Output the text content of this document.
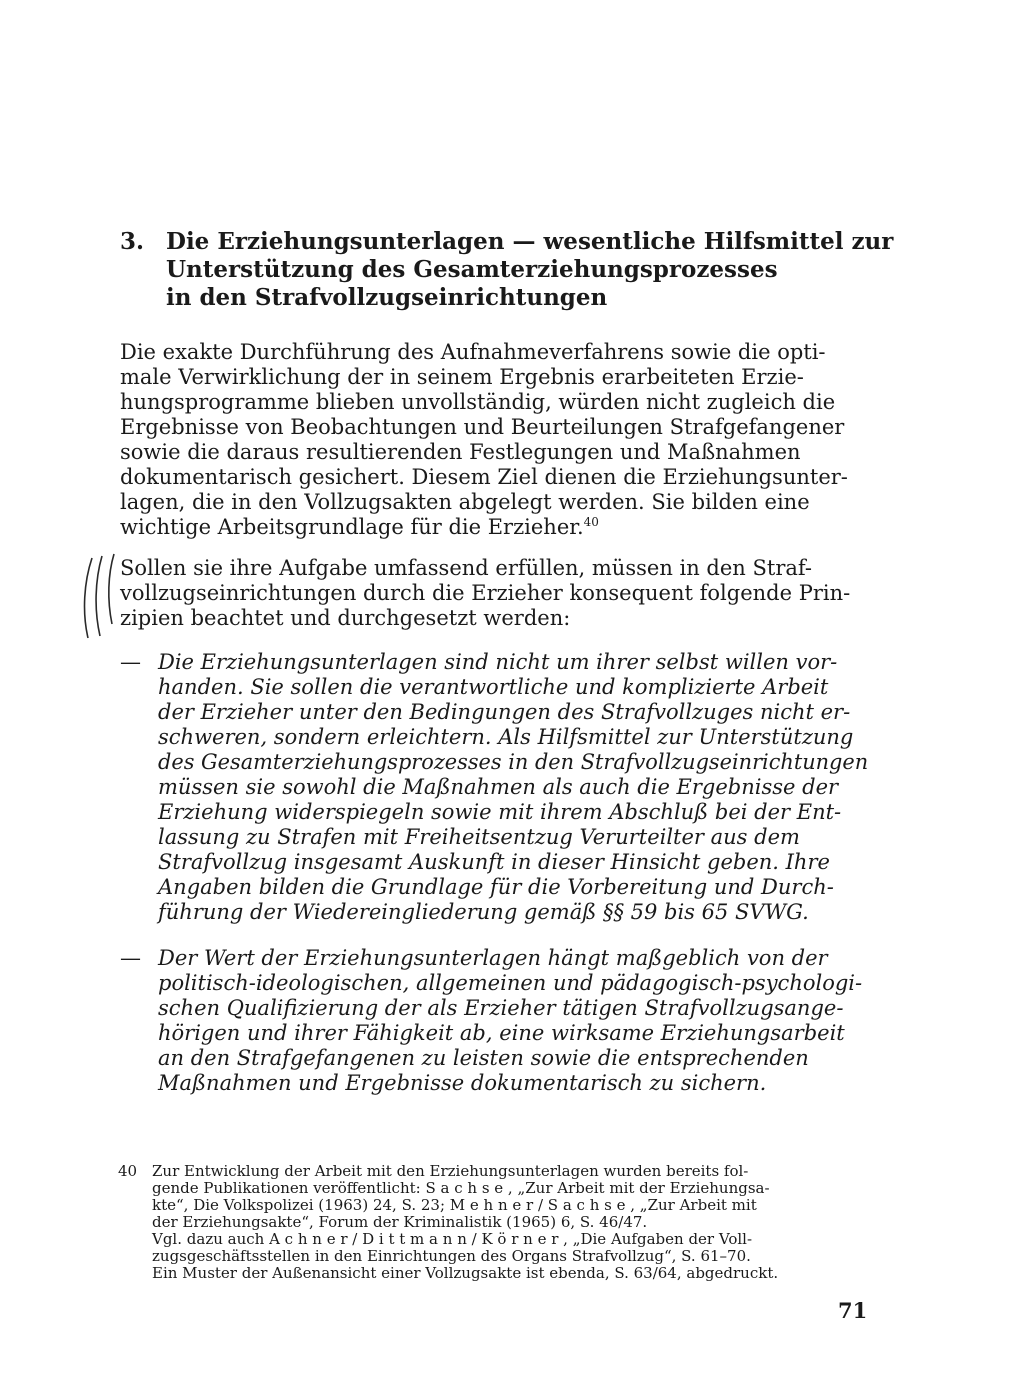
3. Die Erziehungsunterlagen — wesentliche Hilfsmittel zur
Unterstützung des Gesamterziehungsprozesses
in den Strafvollzugseinrichtungen
Die exakte Durchführung des Aufnahmeverfahrens sowie die opti-
male Verwirklichung der in seinem Ergebnis erarbeiteten Erzie-
hungsprogramme blieben unvollständig, würden nicht zugleich die
Ergebnisse von Beobachtungen und Beurteilungen Strafgefangener
sowie die daraus resultierenden Festlegungen und Maßnahmen
dokumentarisch gesichert. Diesem Ziel dienen die Erziehungsunter-
lagen, die in den Vollzugsakten abgelegt werden. Sie bilden eine
wichtige Arbeitsgrundlage für die Erzieher.$^{40}$
Sollen sie ihre Aufgabe umfassend erfüllen, müssen in den Straf-
vollzugseinrichtungen durch die Erzieher konsequent folgende Prin-
zipien beachtet und durchgesetzt werden:
— Die Erziehungsunterlagen sind nicht um ihrer selbst willen vor-
handen. Sie sollen die verantwortliche und komplizierte Arbeit
der Erzieher unter den Bedingungen des Strafvollzuges nicht er-
schweren, sondern erleichtern. Als Hilfsmittel zur Unterstützung
des Gesamterziehungsprozesses in den Strafvollzugseinrichtungen
müssen sie sowohl die Maßnahmen als auch die Ergebnisse der
Erziehung widerspiegeln sowie mit ihrem Abschluß bei der Ent-
lassung zu Strafen mit Freiheitsentzug Verurteilter aus dem
Strafvollzug insgesamt Auskunft in dieser Hinsicht geben. Ihre
Angaben bilden die Grundlage für die Vorbereitung und Durch-
führung der Wiedereingliederung gemäß §§ 59 bis 65 SVWG.
— Der Wert der Erziehungsunterlagen hängt maßgeblich von der
politisch-ideologischen, allgemeinen und pädagogisch-psychologi-
schen Qualifizierung der als Erzieher tätigen Strafvollzugsange-
hörigen und ihrer Fähigkeit ab, eine wirksame Erziehungsarbeit
an den Strafgefangenen zu leisten sowie die entsprechenden
Maßnahmen und Ergebnisse dokumentarisch zu sichern.
40 Zur Entwicklung der Arbeit mit den Erziehungsunterlagen wurden bereits fol-
gende Publikationen veröffentlicht: S a c h s e , „Zur Arbeit mit der Erziehungsa-
kte“, Die Volkspolizei (1963) 24, S. 23; M e h n e r / S a c h s e , „Zur Arbeit mit
der Erziehungsakte“, Forum der Kriminalistik (1965) 6, S. 46/47.
Vgl. dazu auch A c h n e r / D i t t m a n n / K ö r n e r , „Die Aufgaben der Voll-
zugsgeschäftsstellen in den Einrichtungen des Organs Strafvollzug“, S. 61–70.
Ein Muster der Außenansicht einer Vollzugsakte ist ebenda, S. 63/64, abgedruckt.
71
